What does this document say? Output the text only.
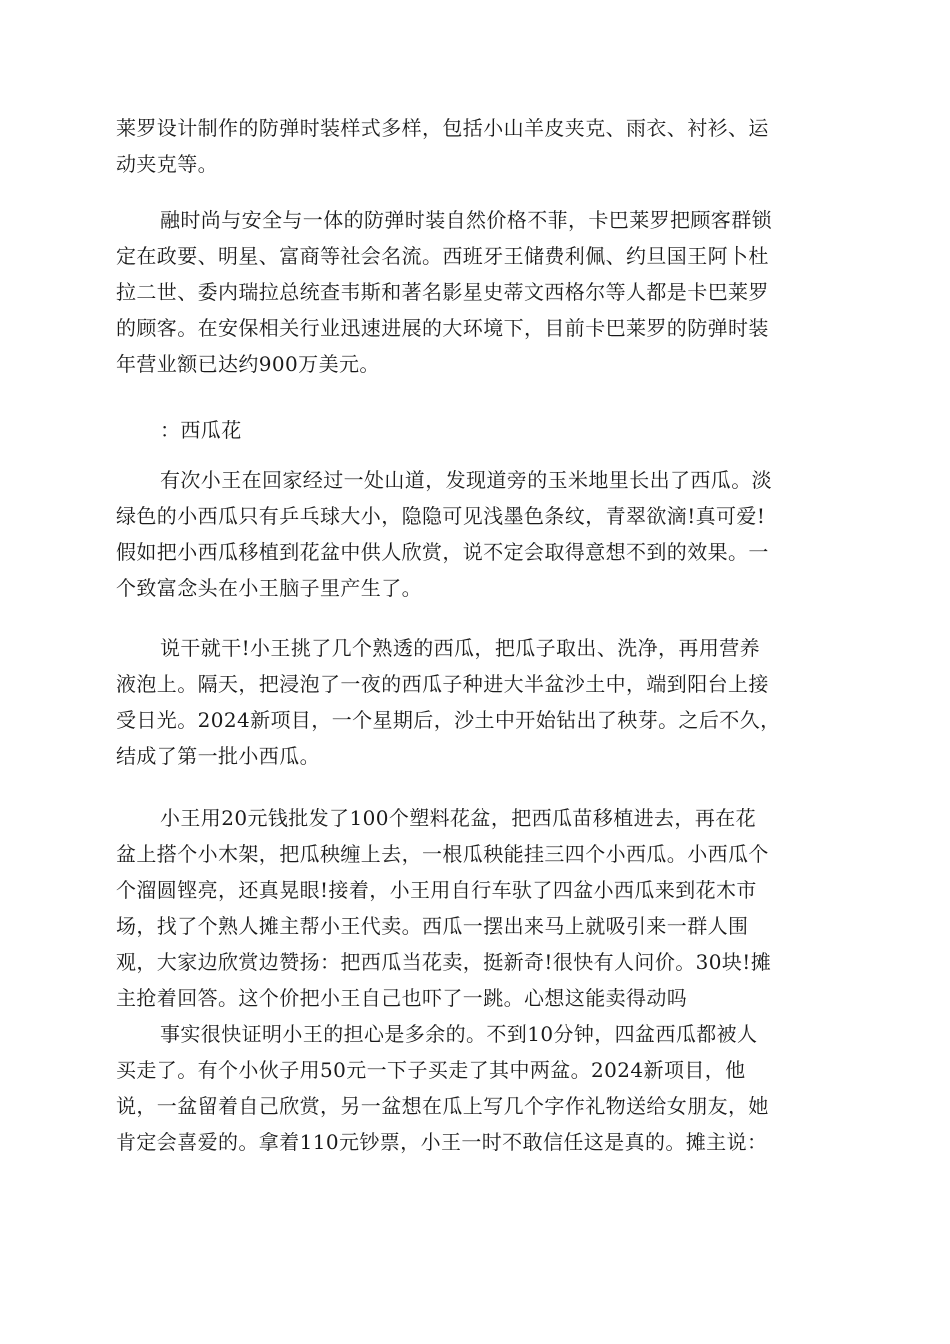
莱罗设计制作的防弹时装样式多样，包括小山羊皮夹克、雨衣、衬衫、运
动夹克等。

融时尚与安全与一体的防弹时装自然价格不菲，卡巴莱罗把顾客群锁
定在政要、明星、富商等社会名流。西班牙王储费利佩、约旦国王阿卜杜
拉二世、委内瑞拉总统查韦斯和著名影星史蒂文西格尔等人都是卡巴莱罗
的顾客。在安保相关行业迅速进展的大环境下，目前卡巴莱罗的防弹时装
年营业额已达约900万美元。

：西瓜花

有次小王在回家经过一处山道，发现道旁的玉米地里长出了西瓜。淡
绿色的小西瓜只有乒乓球大小，隐隐可见浅墨色条纹，青翠欲滴!真可爱!
假如把小西瓜移植到花盆中供人欣赏，说不定会取得意想不到的效果。一
个致富念头在小王脑子里产生了。

说干就干!小王挑了几个熟透的西瓜，把瓜子取出、洗净，再用营养
液泡上。隔天，把浸泡了一夜的西瓜子种进大半盆沙土中，端到阳台上接
受日光。2024新项目，一个星期后，沙土中开始钻出了秧芽。之后不久，
结成了第一批小西瓜。

小王用20元钱批发了100个塑料花盆，把西瓜苗移植进去，再在花
盆上搭个小木架，把瓜秧缠上去，一根瓜秧能挂三四个小西瓜。小西瓜个
个溜圆铿亮，还真晃眼!接着，小王用自行车驮了四盆小西瓜来到花木市
场，找了个熟人摊主帮小王代卖。西瓜一摆出来马上就吸引来一群人围
观，大家边欣赏边赞扬：把西瓜当花卖，挺新奇!很快有人问价。30块!摊
主抢着回答。这个价把小王自己也吓了一跳。心想这能卖得动吗

事实很快证明小王的担心是多余的。不到10分钟，四盆西瓜都被人
买走了。有个小伙子用50元一下子买走了其中两盆。2024新项目，他
说，一盆留着自己欣赏，另一盆想在瓜上写几个字作礼物送给女朋友，她
肯定会喜爱的。拿着110元钞票，小王一时不敢信任这是真的。摊主说：
